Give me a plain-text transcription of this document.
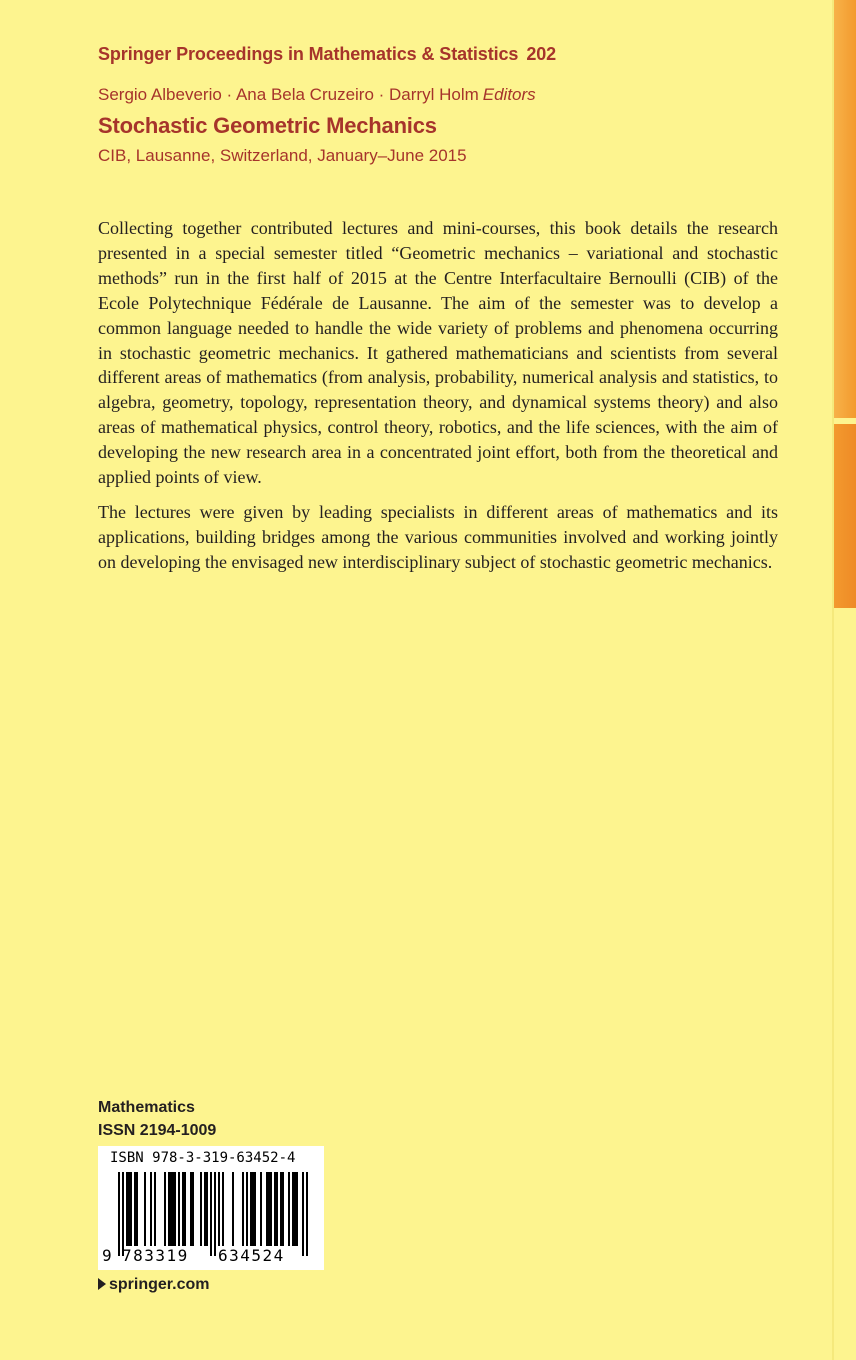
Springer Proceedings in Mathematics & Statistics 202
Sergio Albeverio · Ana Bela Cruzeiro · Darryl Holm Editors
Stochastic Geometric Mechanics
CIB, Lausanne, Switzerland, January–June 2015

Collecting together contributed lectures and mini-courses, this book details the research presented in a special semester titled “Geometric mechanics – variational and stochastic methods” run in the first half of 2015 at the Centre Interfacultaire Bernoulli (CIB) of the Ecole Polytechnique Fédérale de Lausanne. The aim of the semester was to develop a common language needed to handle the wide variety of problems and phenomena occurring in stochastic geometric mechanics. It gathered mathematicians and scientists from several different areas of mathematics (from analysis, probability, numerical analysis and statistics, to algebra, geometry, topology, representation theory, and dynamical systems theory) and also areas of mathematical physics, control theory, robotics, and the life sciences, with the aim of developing the new research area in a concentrated joint effort, both from the theoretical and applied points of view.

The lectures were given by leading specialists in different areas of mathematics and its applications, building bridges among the various communities involved and working jointly on developing the envisaged new interdisciplinary subject of stochastic geometric mechanics.

Mathematics
ISSN 2194-1009
ISBN 978-3-319-63452-4
9 783319 634524
springer.com
